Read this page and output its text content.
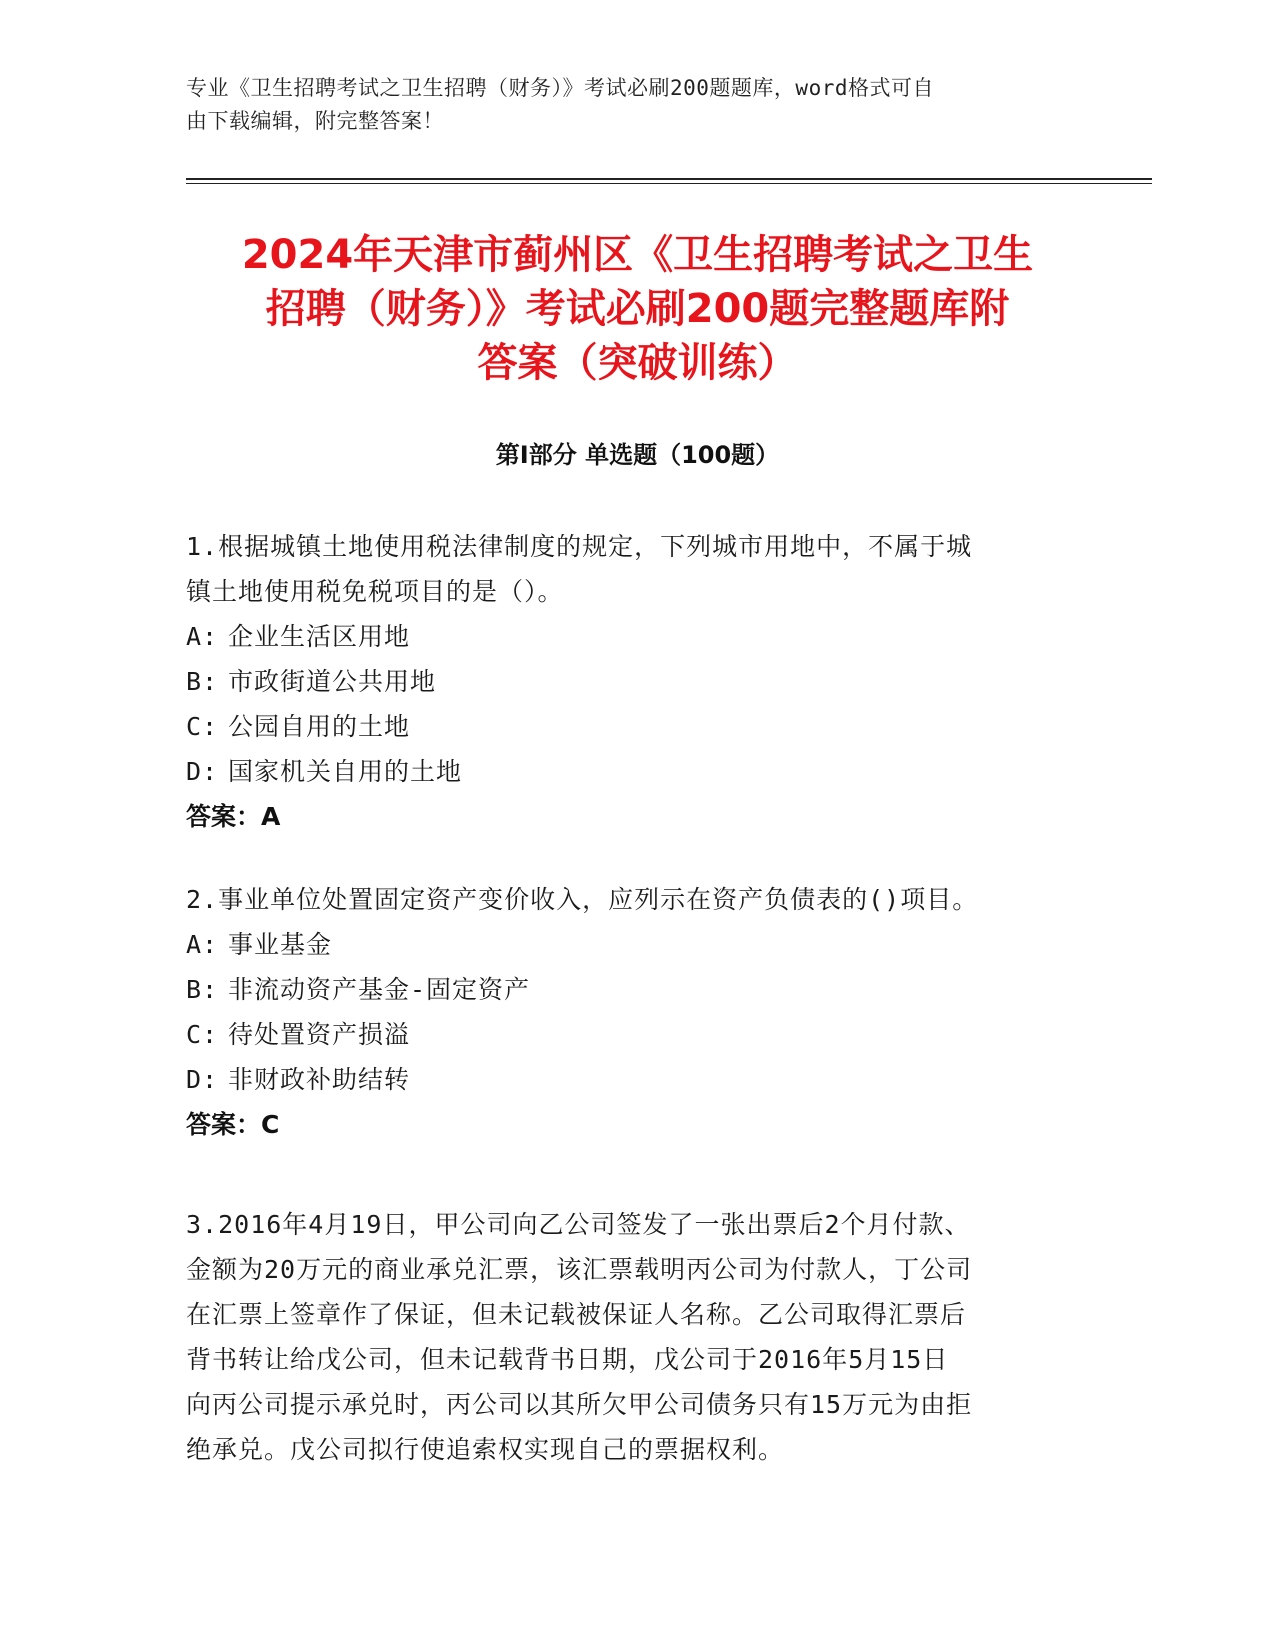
专业《卫生招聘考试之卫生招聘（财务）》考试必刷200题题库，word格式可自
由下载编辑，附完整答案！
2024年天津市蓟州区《卫生招聘考试之卫生
招聘（财务）》考试必刷200题完整题库附
答案（突破训练）
第Ⅰ部分 单选题（100题）
1.根据城镇土地使用税法律制度的规定，下列城市用地中，不属于城
镇土地使用税免税项目的是（）。
A: 企业生活区用地
B: 市政街道公共用地
C: 公园自用的土地
D: 国家机关自用的土地
答案：A
2.事业单位处置固定资产变价收入，应列示在资产负债表的()项目。
A: 事业基金
B: 非流动资产基金-固定资产
C: 待处置资产损溢
D: 非财政补助结转
答案：C
3.2016年4月19日，甲公司向乙公司签发了一张出票后2个月付款、
金额为20万元的商业承兑汇票，该汇票载明丙公司为付款人，丁公司
在汇票上签章作了保证，但未记载被保证人名称。乙公司取得汇票后
背书转让给戊公司，但未记载背书日期，戊公司于2016年5月15日
向丙公司提示承兑时，丙公司以其所欠甲公司债务只有15万元为由拒
绝承兑。戊公司拟行使追索权实现自己的票据权利。
